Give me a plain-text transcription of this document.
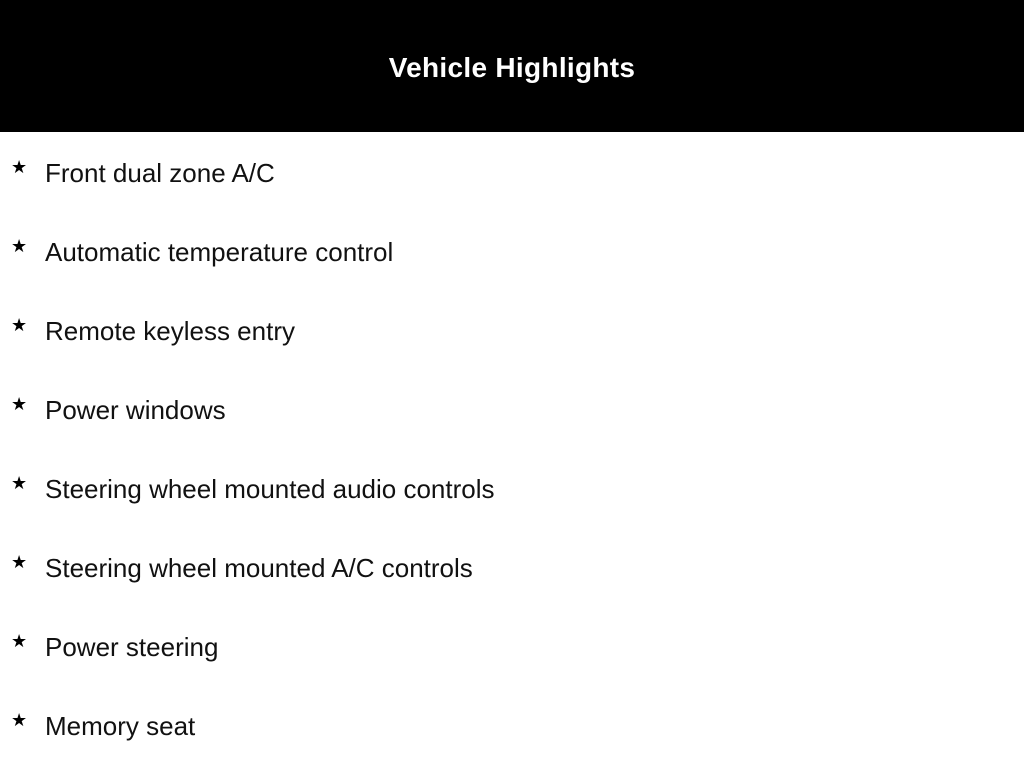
Vehicle Highlights
★ Front dual zone A/C
★ Automatic temperature control
★ Remote keyless entry
★ Power windows
★ Steering wheel mounted audio controls
★ Steering wheel mounted A/C controls
★ Power steering
★ Memory seat
